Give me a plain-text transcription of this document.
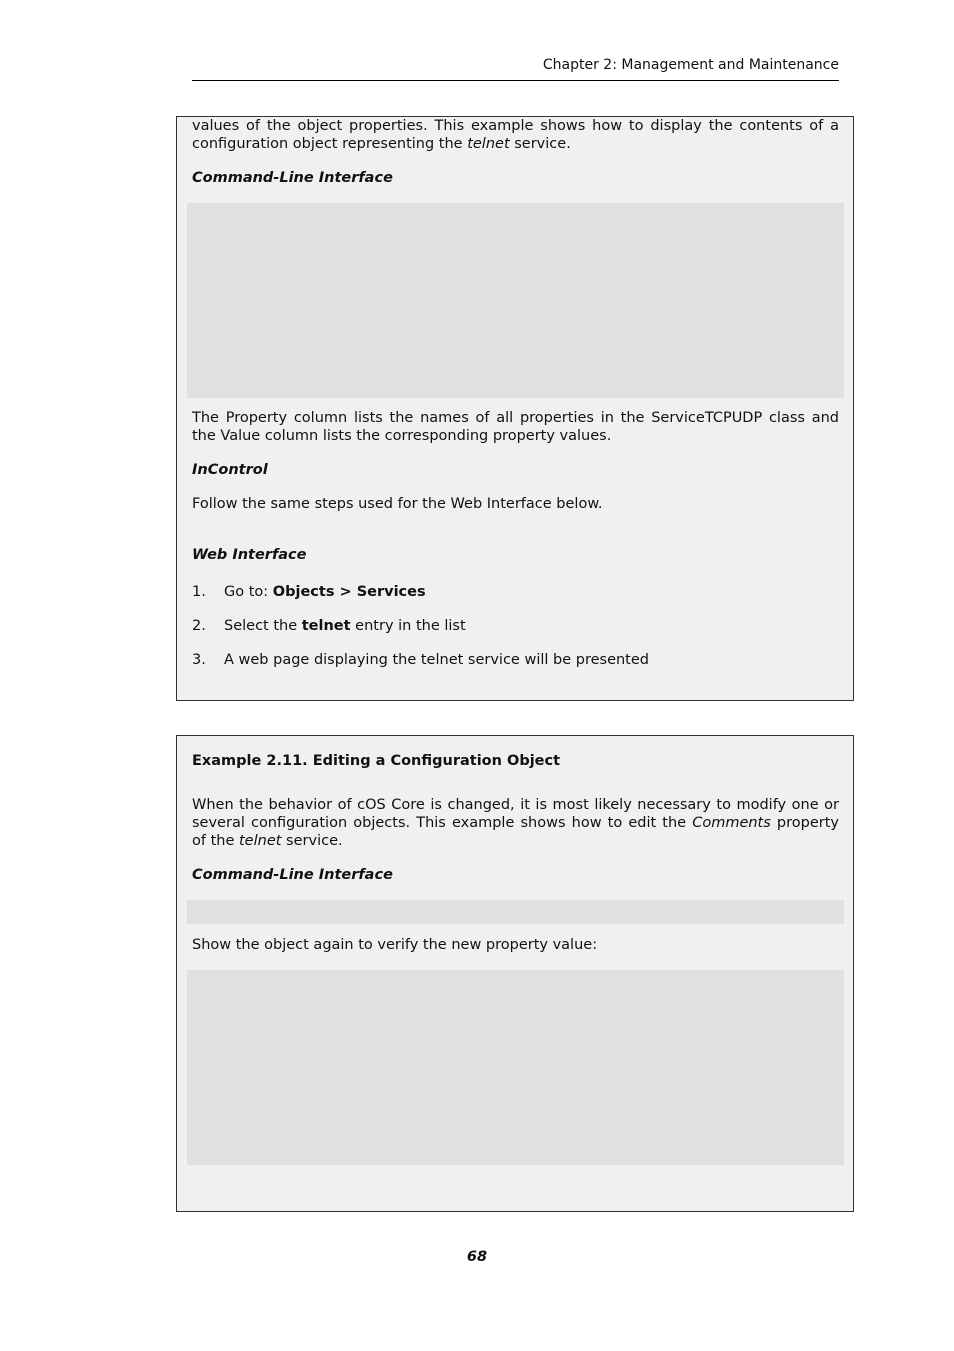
Chapter 2: Management and Maintenance

values of the object properties. This example shows how to display the contents of a configuration object representing the telnet service.

Command-Line Interface

The Property column lists the names of all properties in the ServiceTCPUDP class and the Value column lists the corresponding property values.

InControl

Follow the same steps used for the Web Interface below.

Web Interface
1. Go to: Objects > Services
2. Select the telnet entry in the list
3. A web page displaying the telnet service will be presented
Example 2.11. Editing a Configuration Object

When the behavior of cOS Core is changed, it is most likely necessary to modify one or several configuration objects. This example shows how to edit the Comments property of the telnet service.

Command-Line Interface

Show the object again to verify the new property value:

68
